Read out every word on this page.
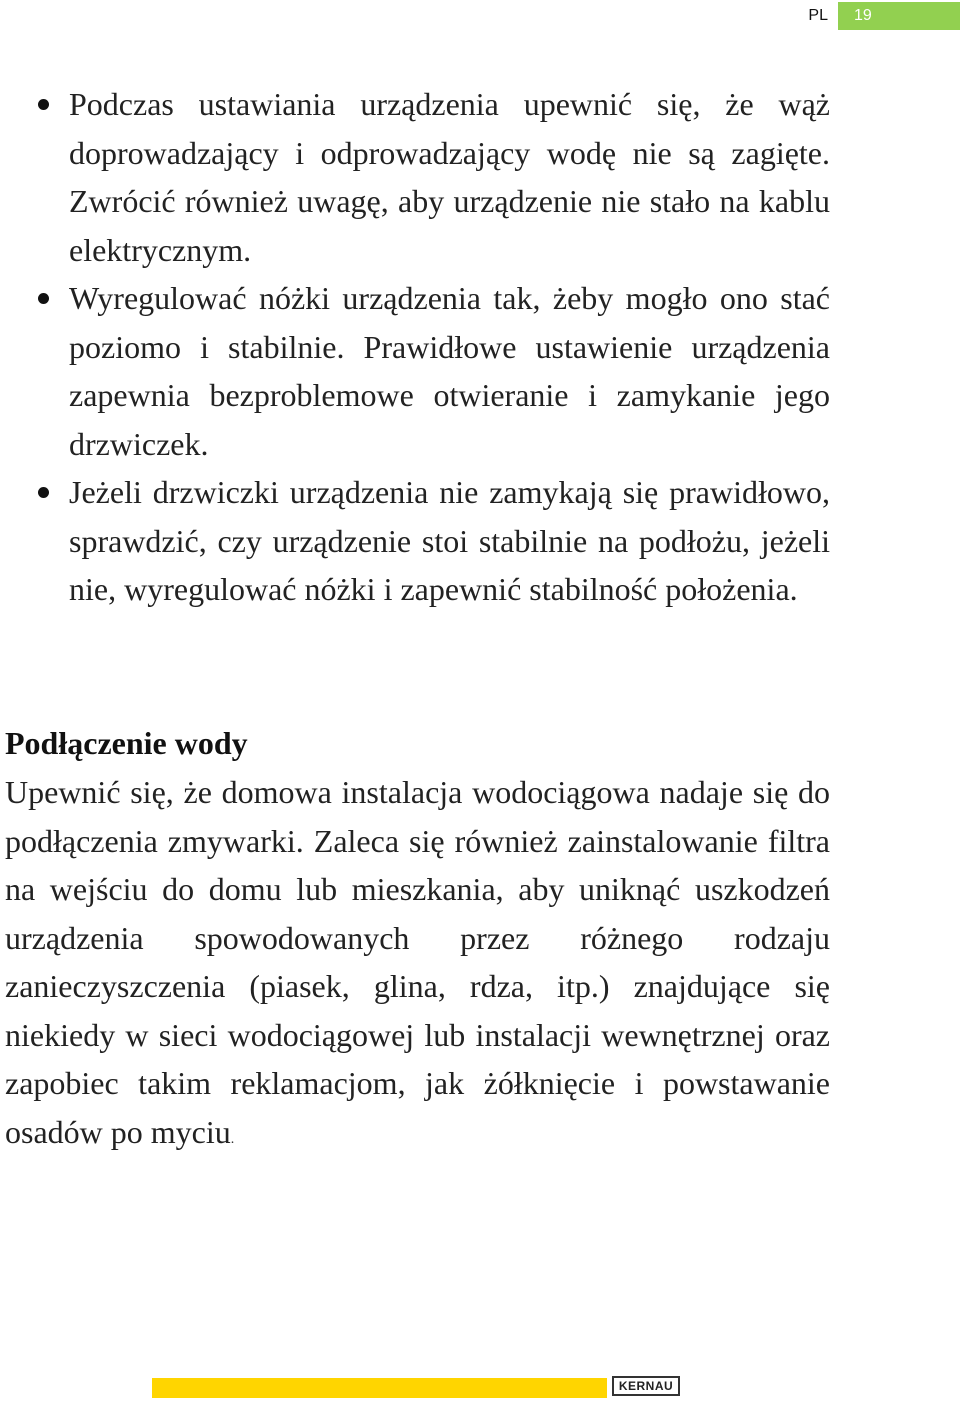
PL	19
Podczas ustawiania urządzenia upewnić się, że wąż doprowadzający i odprowadzający wodę nie są zagięte. Zwrócić również uwagę, aby urządzenie nie stało na kablu elektrycznym.
Wyregulować nóżki urządzenia tak, żeby mogło ono stać poziomo i stabilnie. Prawidłowe ustawienie urządzenia zapewnia bezproblemowe otwieranie i zamykanie jego drzwiczek.
Jeżeli drzwiczki urządzenia nie zamykają się prawidłowo, sprawdzić, czy urządzenie stoi stabilnie na podłożu, jeżeli nie, wyregulować nóżki i zapewnić stabilność położenia.
Podłączenie wody

Upewnić się, że domowa instalacja wodociągowa nadaje się do podłączenia zmywarki. Zaleca się również zainstalowanie filtra na wejściu do domu lub mieszkania, aby uniknąć uszkodzeń urządzenia spowodowanych przez różnego rodzaju zanieczyszczenia (piasek, glina, rdza, itp.) znajdujące się niekiedy w sieci wodociągowej lub instalacji wewnętrznej oraz zapobiec takim reklamacjom, jak żółknięcie i powstawanie osadów po myciu.

KERNAU
